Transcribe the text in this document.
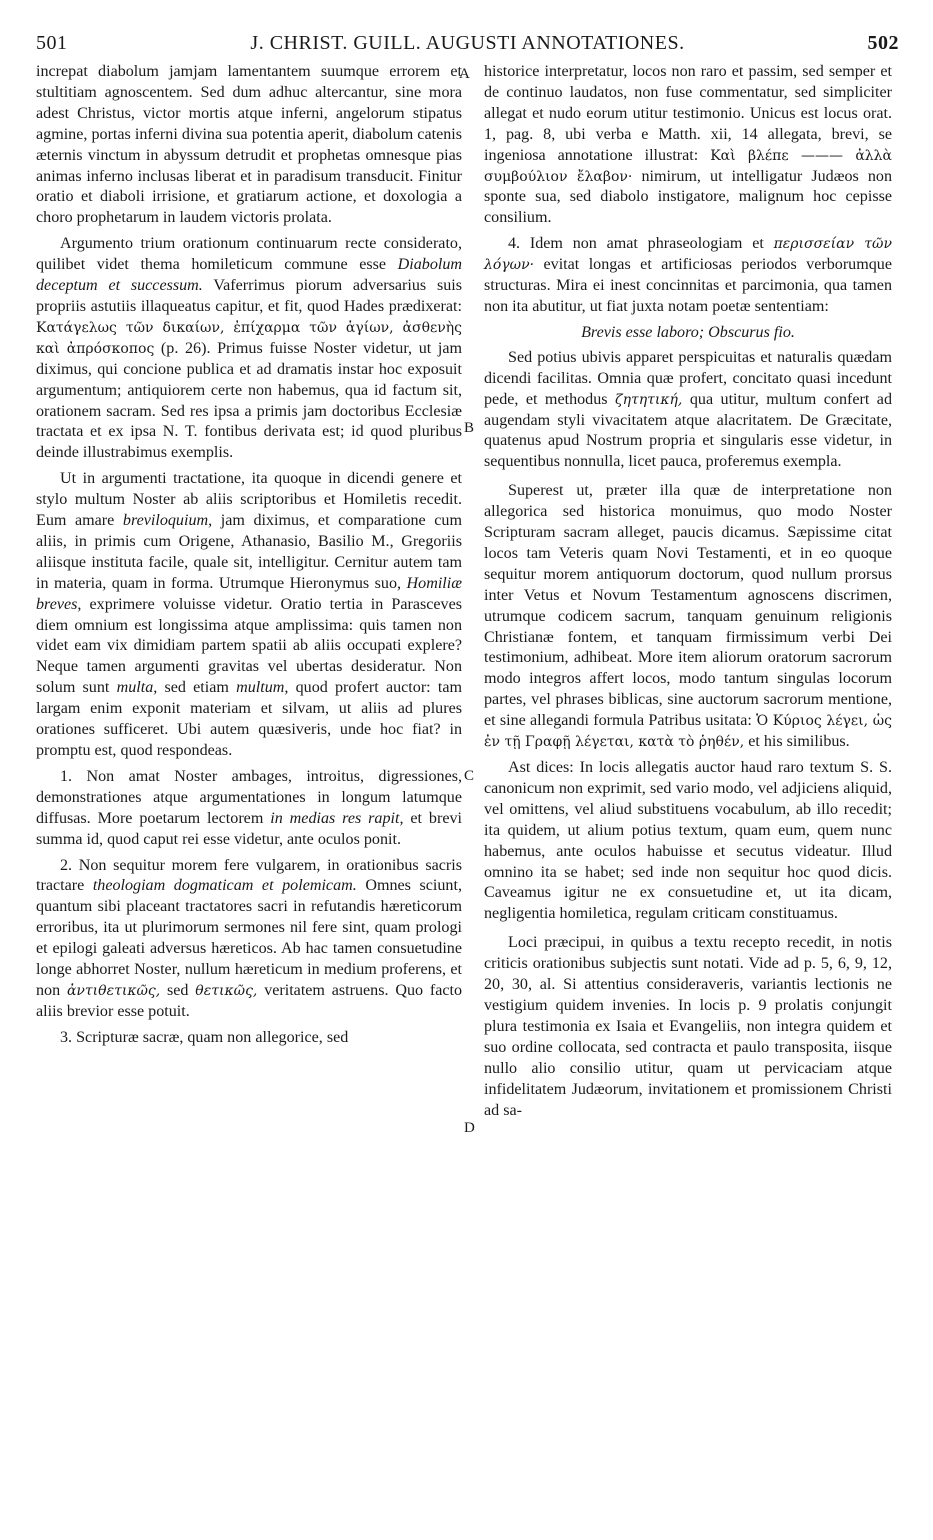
501	J. CHRIST. GUILL. AUGUSTI ANNOTATIONES.	502
A
B
C
D

increpat diabolum jamjam lamentantem suumque errorem et stultitiam agnoscentem. Sed dum adhuc altercantur, sine mora adest Christus, victor mortis atque inferni, angelorum stipatus agmine, portas inferni divina sua potentia aperit, diabolum catenis æternis vinctum in abyssum detrudit et prophetas omnesque pias animas inferno inclusas liberat et in paradisum transducit. Finitur oratio et diaboli irrisione, et gratiarum actione, et doxologia a choro prophetarum in laudem victoris prolata.

Argumento trium orationum continuarum recte considerato, quilibet videt thema homileticum commune esse Diabolum deceptum et successum. Vaferrimus piorum adversarius suis propriis astutiis illaqueatus capitur, et fit, quod Hades prædixerat: Κατάγελως τῶν δικαίων, ἐπίχαρμα τῶν ἁγίων, ἀσθενὴς καὶ ἀπρόσκοπος (p. 26). Primus fuisse Noster videtur, ut jam diximus, qui concione publica et ad dramatis instar hoc exposuit argumentum; antiquiorem certe non habemus, qua id factum sit, orationem sacram. Sed res ipsa a primis jam doctoribus Ecclesiæ tractata et ex ipsa N. T. fontibus derivata est; id quod pluribus deinde illustrabimus exemplis.

Ut in argumenti tractatione, ita quoque in dicendi genere et stylo multum Noster ab aliis scriptoribus et Homiletis recedit. Eum amare breviloquium, jam diximus, et comparatione cum aliis, in primis cum Origene, Athanasio, Basilio M., Gregoriis aliisque instituta facile, quale sit, intelligitur. Cernitur autem tam in materia, quam in forma. Utrumque Hieronymus suo, Homiliæ breves, exprimere voluisse videtur. Oratio tertia in Parasceves diem omnium est longissima atque amplissima: quis tamen non videt eam vix dimidiam partem spatii ab aliis occupati explere? Neque tamen argumenti gravitas vel ubertas desideratur. Non solum sunt multa, sed etiam multum, quod profert auctor: tam largam enim exponit materiam et silvam, ut aliis ad plures orationes sufficeret. Ubi autem quæsiveris, unde hoc fiat? in promptu est, quod respondeas.

1. Non amat Noster ambages, introitus, digressiones, demonstrationes atque argumentationes in longum latumque diffusas. More poetarum lectorem in medias res rapit, et brevi summa id, quod caput rei esse videtur, ante oculos ponit.

2. Non sequitur morem fere vulgarem, in orationibus sacris tractare theologiam dogmaticam et polemicam. Omnes sciunt, quantum sibi placeant tractatores sacri in refutandis hæreticorum erroribus, ita ut plurimorum sermones nil fere sint, quam prologi et epilogi galeati adversus hæreticos. Ab hac tamen consuetudine longe abhorret Noster, nullum hæreticum in medium proferens, et non ἀντιθετικῶς, sed θετικῶς, veritatem astruens. Quo facto aliis brevior esse potuit.

3. Scripturæ sacræ, quam non allegorice, sed

historice interpretatur, locos non raro et passim, sed semper et de continuo laudatos, non fuse commentatur, sed simpliciter allegat et nudo eorum utitur testimonio. Unicus est locus orat. 1, pag. 8, ubi verba e Matth. xii, 14 allegata, brevi, se ingeniosa annotatione illustrat: Καὶ βλέπε ——— ἀλλὰ συμβούλιον ἔλαβον· nimirum, ut intelligatur Judæos non sponte sua, sed diabolo instigatore, malignum hoc cepisse consilium.

4. Idem non amat phraseologiam et περισσείαν τῶν λόγων· evitat longas et artificiosas periodos verborumque structuras. Mira ei inest concinnitas et parcimonia, qua tamen non ita abutitur, ut fiat juxta notam poetæ sententiam:

Brevis esse laboro; Obscurus fio.

Sed potius ubivis apparet perspicuitas et naturalis quædam dicendi facilitas. Omnia quæ profert, concitato quasi incedunt pede, et methodus ζητητική, qua utitur, multum confert ad augendam styli vivacitatem atque alacritatem. De Græcitate, quatenus apud Nostrum propria et singularis esse videtur, in sequentibus nonnulla, licet pauca, proferemus exempla.

Superest ut, præter illa quæ de interpretatione non allegorica sed historica monuimus, quo modo Noster Scripturam sacram alleget, paucis dicamus. Sæpissime citat locos tam Veteris quam Novi Testamenti, et in eo quoque sequitur morem antiquorum doctorum, quod nullum prorsus inter Vetus et Novum Testamentum agnoscens discrimen, utrumque codicem sacrum, tanquam genuinum religionis Christianæ fontem, et tanquam firmissimum verbi Dei testimonium, adhibeat. More item aliorum oratorum sacrorum modo integros affert locos, modo tantum singulas locorum partes, vel phrases biblicas, sine auctorum sacrorum mentione, et sine allegandi formula Patribus usitata: Ὁ Κύριος λέγει, ὡς ἐν τῇ Γραφῇ λέγεται, κατὰ τὸ ῥηθέν, et his similibus.

Ast dices: In locis allegatis auctor haud raro textum S. S. canonicum non exprimit, sed vario modo, vel adjiciens aliquid, vel omittens, vel aliud substituens vocabulum, ab illo recedit; ita quidem, ut alium potius textum, quam eum, quem nunc habemus, ante oculos habuisse et secutus videatur. Illud omnino ita se habet; sed inde non sequitur hoc quod dicis. Caveamus igitur ne ex consuetudine et, ut ita dicam, negligentia homiletica, regulam criticam constituamus.

Loci præcipui, in quibus a textu recepto recedit, in notis criticis orationibus subjectis sunt notati. Vide ad p. 5, 6, 9, 12, 20, 30, al. Si attentius consideraveris, variantis lectionis ne vestigium quidem invenies. In locis p. 9 prolatis conjungit plura testimonia ex Isaia et Evangeliis, non integra quidem et suo ordine collocata, sed contracta et paulo transposita, iisque nullo alio consilio utitur, quam ut pervicaciam atque infidelitatem Judæorum, invitationem et promissionem Christi ad sa-
